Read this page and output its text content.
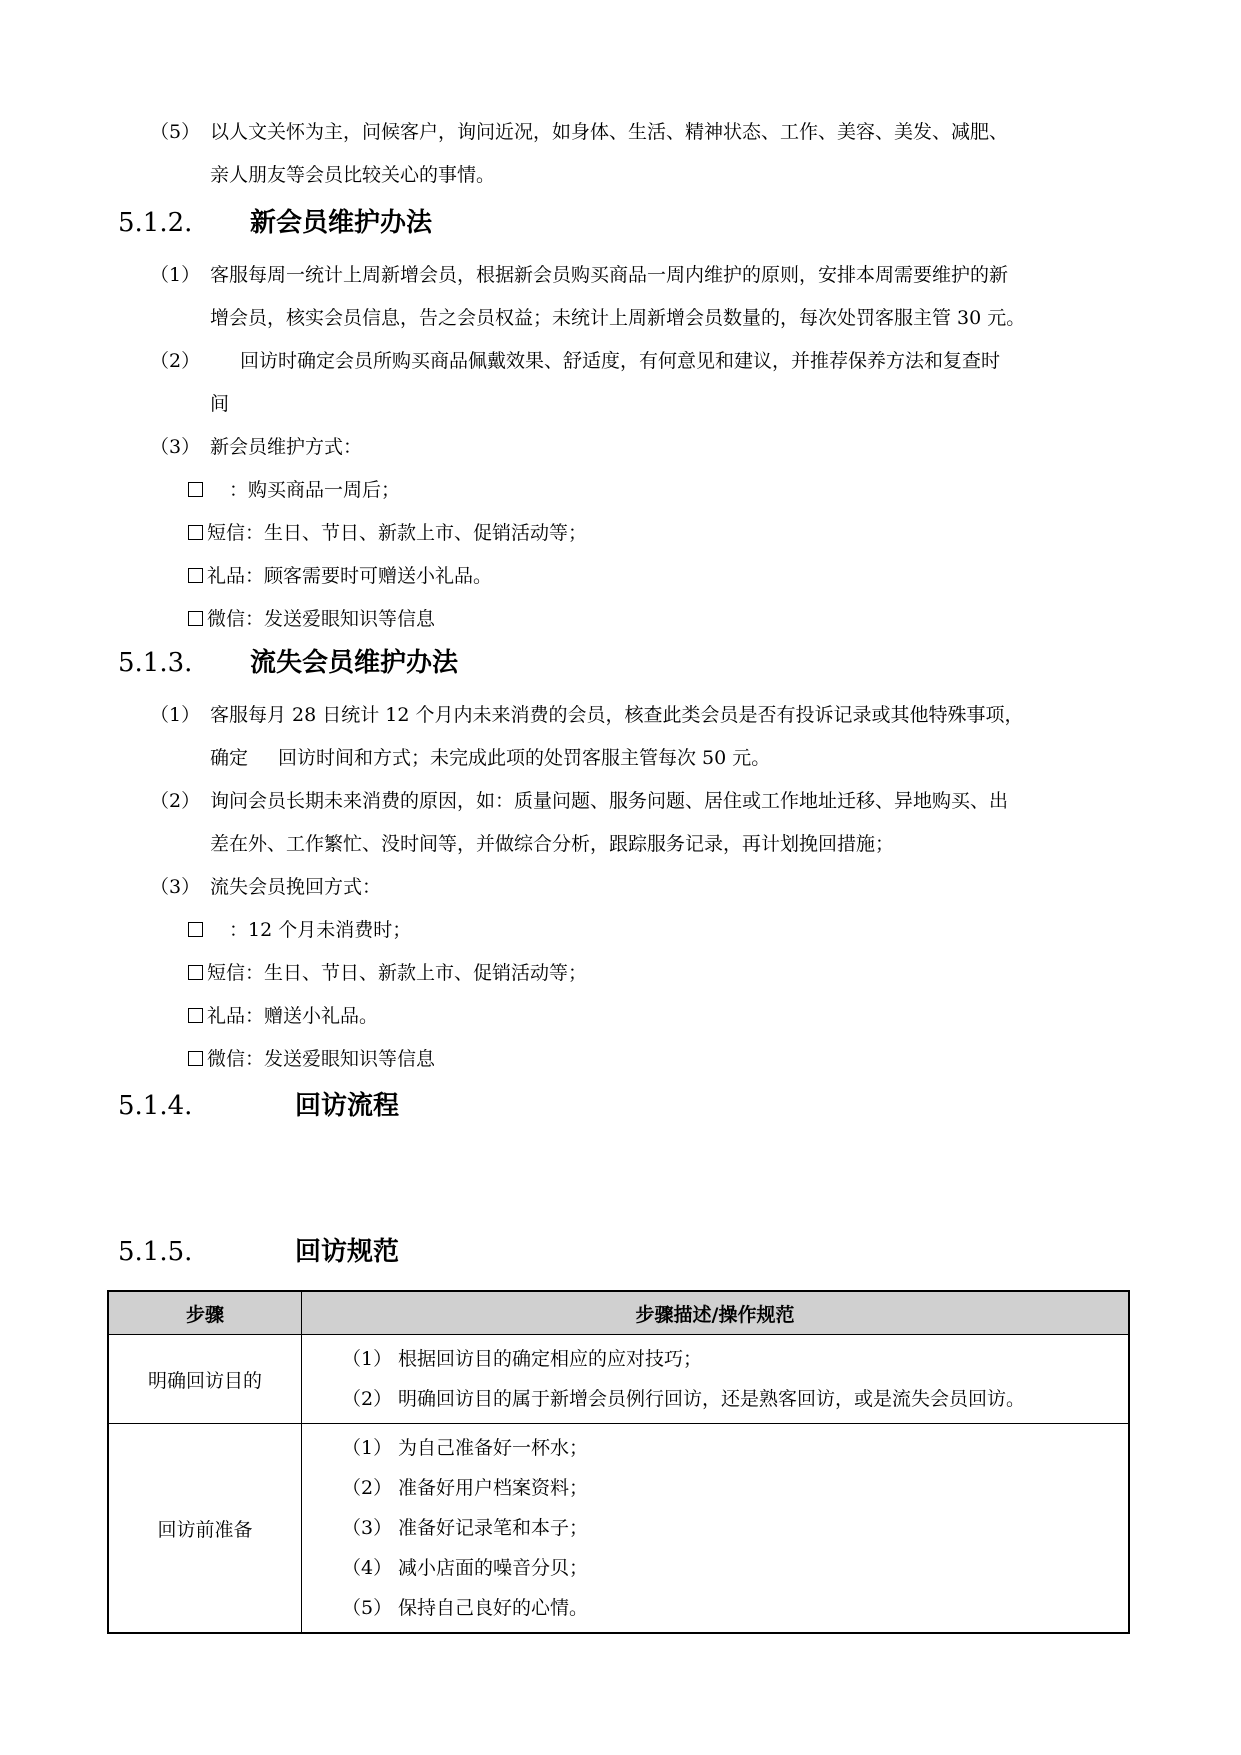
（5） 以人文关怀为主，问候客户，询问近况，如身体、生活、精神状态、工作、美容、美发、减肥、
亲人朋友等会员比较关心的事情。
5.1.2. 新会员维护办法
（1） 客服每周一统计上周新增会员，根据新会员购买商品一周内维护的原则，安排本周需要维护的新
增会员，核实会员信息，告之会员权益；未统计上周新增会员数量的，每次处罚客服主管 30 元。
（2） 回访时确定会员所购买商品佩戴效果、舒适度，有何意见和建议，并推荐保养方法和复查时
间
（3） 新会员维护方式：
：购买商品一周后；
短信：生日、节日、新款上市、促销活动等；
礼品：顾客需要时可赠送小礼品。
微信：发送爱眼知识等信息
5.1.3. 流失会员维护办法
（1） 客服每月 28 日统计 12 个月内未来消费的会员，核查此类会员是否有投诉记录或其他特殊事项，
确定 回访时间和方式；未完成此项的处罚客服主管每次 50 元。
（2） 询问会员长期未来消费的原因，如：质量问题、服务问题、居住或工作地址迁移、异地购买、出
差在外、工作繁忙、没时间等，并做综合分析，跟踪服务记录，再计划挽回措施；
（3） 流失会员挽回方式：
：12 个月未消费时；
短信：生日、节日、新款上市、促销活动等；
礼品：赠送小礼品。
微信：发送爱眼知识等信息
5.1.4.	回访流程
5.1.5.	回访规范
步骤	步骤描述/操作规范
明确回访目的	（1） 根据回访目的确定相应的应对技巧；
（2） 明确回访目的属于新增会员例行回访，还是熟客回访，或是流失会员回访。

回访前准备	（1） 为自己准备好一杯水；
（2） 准备好用户档案资料；
（3） 准备好记录笔和本子；
（4） 减小店面的噪音分贝；
（5） 保持自己良好的心情。
